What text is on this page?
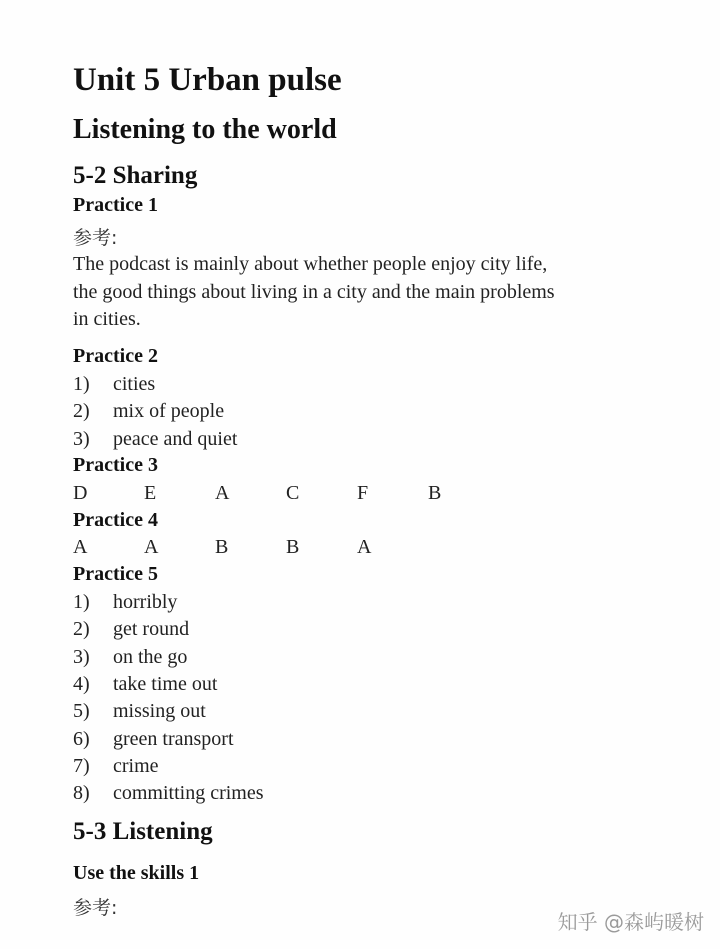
Unit 5 Urban pulse
Listening to the world
5-2 Sharing
Practice 1
参考:
The podcast is mainly about whether people enjoy city life,
the good things about living in a city and the main problems
in cities.
Practice 2
1) cities
2) mix of people
3) peace and quiet
Practice 3
D	E	A	C	F	B
Practice 4
A	A	B	B	A
Practice 5
1) horribly
2) get round
3) on the go
4) take time out
5) missing out
6) green transport
7) crime
8) committing crimes
5-3 Listening
Use the skills 1
参考:
知乎 @森屿暖树
